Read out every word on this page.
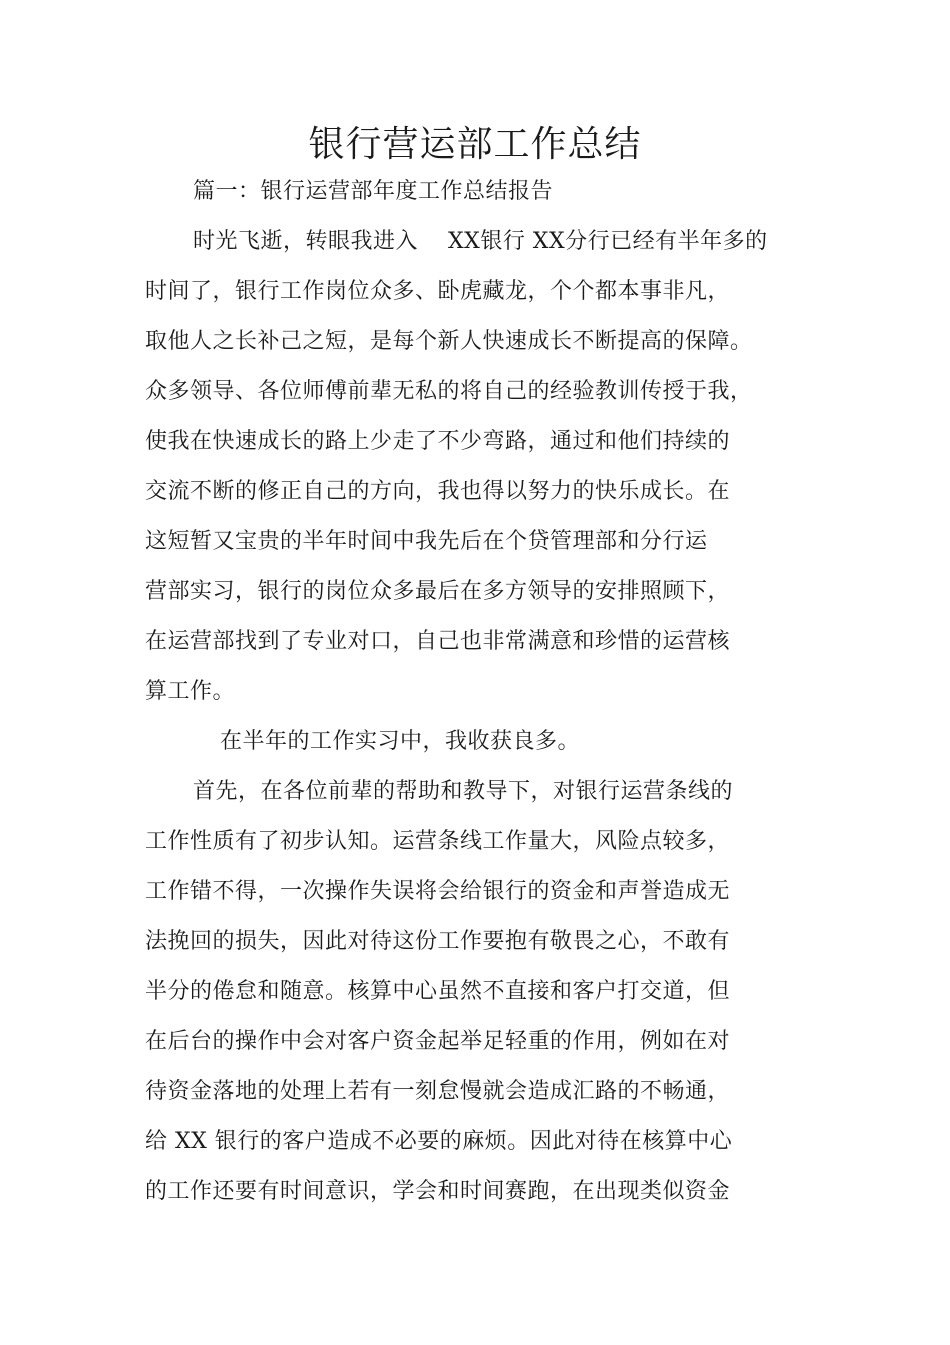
银行营运部工作总结
篇一：银行运营部年度工作总结报告
时光飞逝，转眼我进入　 XX银行 XX分行已经有半年多的
时间了，银行工作岗位众多、卧虎藏龙，个个都本事非凡，
取他人之长补己之短，是每个新人快速成长不断提高的保障。
众多领导、各位师傅前辈无私的将自己的经验教训传授于我，
使我在快速成长的路上少走了不少弯路，通过和他们持续的
交流不断的修正自己的方向，我也得以努力的快乐成长。在
这短暂又宝贵的半年时间中我先后在个贷管理部和分行运
营部实习，银行的岗位众多最后在多方领导的安排照顾下，
在运营部找到了专业对口，自己也非常满意和珍惜的运营核
算工作。
在半年的工作实习中，我收获良多。
首先，在各位前辈的帮助和教导下，对银行运营条线的
工作性质有了初步认知。运营条线工作量大，风险点较多，
工作错不得，一次操作失误将会给银行的资金和声誉造成无
法挽回的损失，因此对待这份工作要抱有敬畏之心，不敢有
半分的倦怠和随意。核算中心虽然不直接和客户打交道，但
在后台的操作中会对客户资金起举足轻重的作用，例如在对
待资金落地的处理上若有一刻怠慢就会造成汇路的不畅通，
给 XX 银行的客户造成不必要的麻烦。因此对待在核算中心
的工作还要有时间意识，学会和时间赛跑，在出现类似资金
